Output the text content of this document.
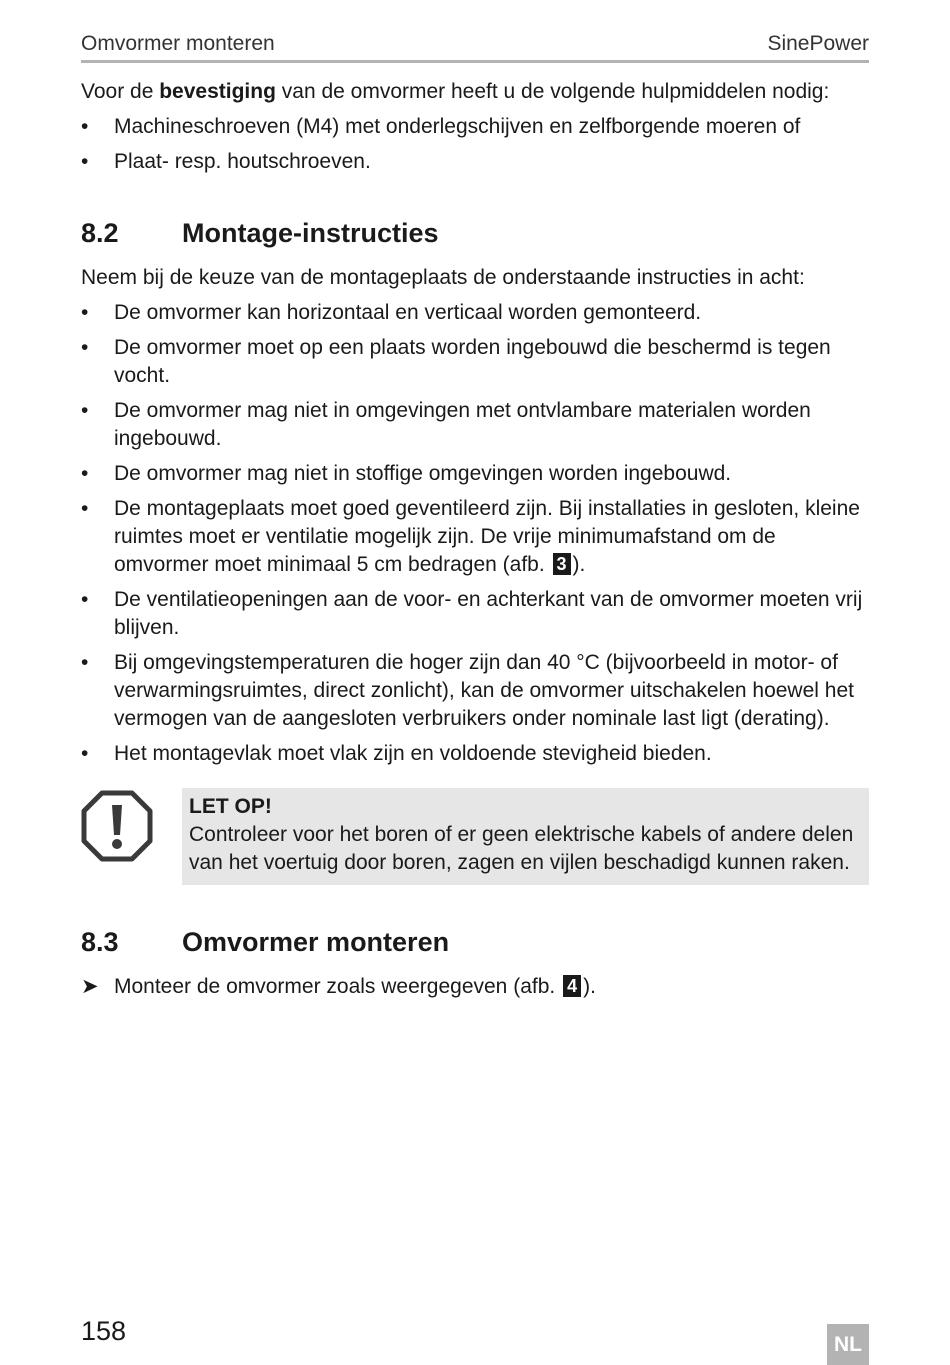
Omvormer monteren	SinePower

Voor de bevestiging van de omvormer heeft u de volgende hulpmiddelen nodig:

•	Machineschroeven (M4) met onderlegschijven en zelfborgende moeren of
•	Plaat- resp. houtschroeven.
8.2	Montage-instructies

Neem bij de keuze van de montageplaats de onderstaande instructies in acht:

•	De omvormer kan horizontaal en verticaal worden gemonteerd.
•	De omvormer moet op een plaats worden ingebouwd die beschermd is tegen vocht.
•	De omvormer mag niet in omgevingen met ontvlambare materialen worden ingebouwd.
•	De omvormer mag niet in stoffige omgevingen worden ingebouwd.
•	De montageplaats moet goed geventileerd zijn. Bij installaties in gesloten, kleine ruimtes moet er ventilatie mogelijk zijn. De vrije minimumafstand om de omvormer moet minimaal 5 cm bedragen (afb. 3 ).
•	De ventilatieopeningen aan de voor- en achterkant van de omvormer moeten vrij blijven.
•	Bij omgevingstemperaturen die hoger zijn dan 40 °C (bijvoorbeeld in motor- of verwarmingsruimtes, direct zonlicht), kan de omvormer uitschakelen hoewel het vermogen van de aangesloten verbruikers onder nominale last ligt (derating).
•	Het montagevlak moet vlak zijn en voldoende stevigheid bieden.

LET OP!

Controleer voor het boren of er geen elektrische kabels of andere delen van het voertuig door boren, zagen en vijlen beschadigd kunnen raken.

8.3	Omvormer monteren
➤ Monteer de omvormer zoals weergegeven (afb. 4 ).
158	NL
